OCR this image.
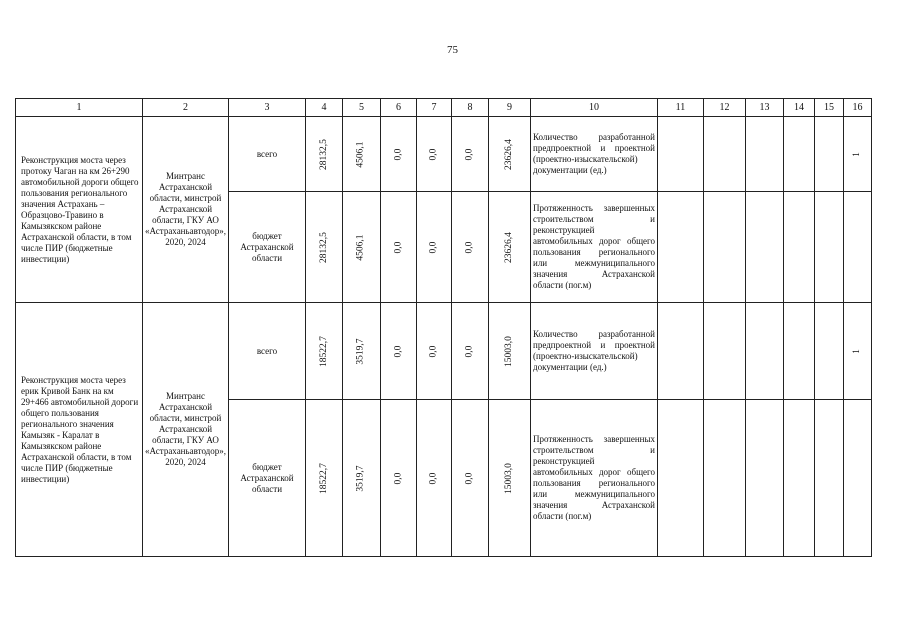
75
1	2	3	4	5	6	7	8	9	10	11	12	13	14	15	16
Реконструкция моста через протоку Чаган на км 26+290 автомобильной дороги общего пользования регионального значения Астрахань – Образцово-Травино в Камызякском районе Астраханской области, в том числе ПИР (бюджетные инвестиции)	Минтранс Астраханской области, минстрой Астраханской области, ГКУ АО «Астраханьавтодор», 2020, 2024	всего	28132,5	4506,1	0,0	0,0	0,0	23626,4	Количество разработанной предпроектной и проектной (проектно-изыскательской) документации (ед.)						1
		бюджет Астраханской области	28132,5	4506,1	0,0	0,0	0,0	23626,4	Протяженность завершенных строительством и реконструкцией автомобильных дорог общего пользования регионального или межмуниципального значения Астраханской области (пог.м)						
Реконструкция моста через ерик Кривой Банк на км 29+466 автомобильной дороги общего пользования регионального значения Камызяк - Каралат в Камызякском районе Астраханской области, в том числе ПИР (бюджетные инвестиции)	Минтранс Астраханской области, минстрой Астраханской области, ГКУ АО «Астраханьавтодор», 2020, 2024	всего	18522,7	3519,7	0,0	0,0	0,0	15003,0	Количество разработанной предпроектной и проектной (проектно-изыскательской) документации (ед.)						1
		бюджет Астраханской области	18522,7	3519,7	0,0	0,0	0,0	15003,0	Протяженность завершенных строительством и реконструкцией автомобильных дорог общего пользования регионального или межмуниципального значения Астраханской области (пог.м)						
